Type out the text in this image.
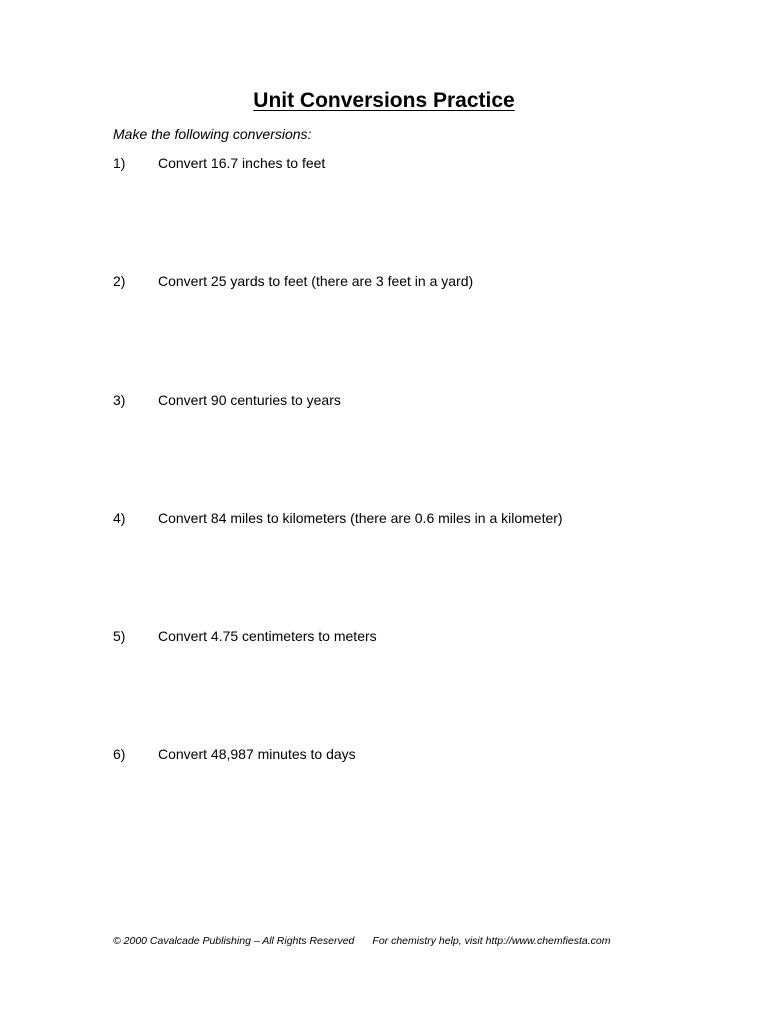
Unit Conversions Practice
Make the following conversions:
1) Convert 16.7 inches to feet
2) Convert 25 yards to feet (there are 3 feet in a yard)
3) Convert 90 centuries to years
4) Convert 84 miles to kilometers (there are 0.6 miles in a kilometer)
5) Convert 4.75 centimeters to meters
6) Convert 48,987 minutes to days
© 2000 Cavalcade Publishing – All Rights Reserved For chemistry help, visit http://www.chemfiesta.com
